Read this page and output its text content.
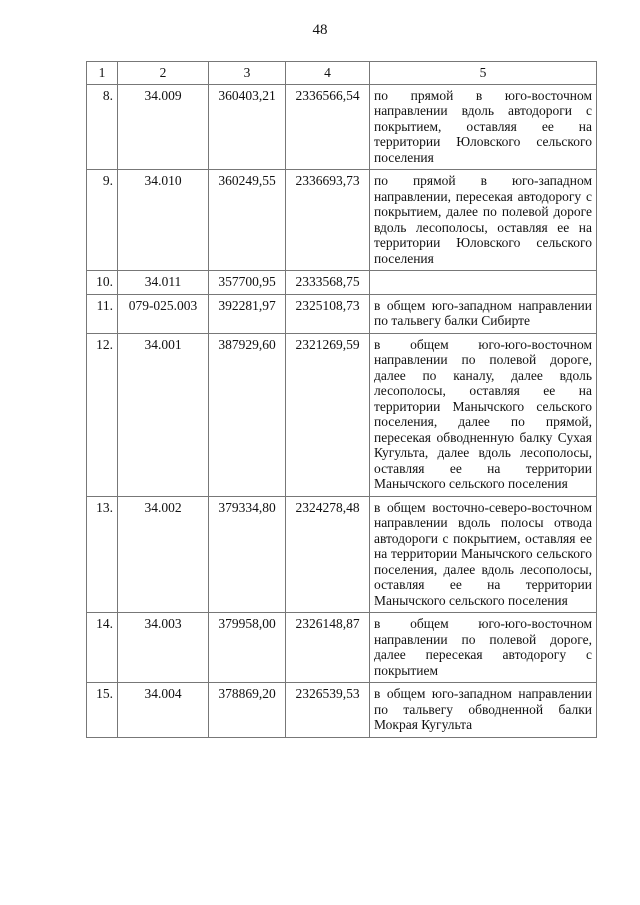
48
1	2	3	4	5
8.	34.009	360403,21	2336566,54	по прямой в юго-восточном направлении вдоль автодороги с покрытием, оставляя ее на территории Юловского сельского поселения
9.	34.010	360249,55	2336693,73	по прямой в юго-западном направлении, пересекая автодорогу с покрытием, далее по полевой дороге вдоль лесополосы, оставляя ее на территории Юловского сельского поселения
10.	34.011	357700,95	2333568,75	
11.	079-025.003	392281,97	2325108,73	в общем юго-западном направлении по тальвегу балки Сибирте
12.	34.001	387929,60	2321269,59	в общем юго-юго-восточном направлении по полевой дороге, далее по каналу, далее вдоль лесополосы, оставляя ее на территории Манычского сельского поселения, далее по прямой, пересекая обводненную балку Сухая Кугульта, далее вдоль лесополосы, оставляя ее на территории Манычского сельского поселения
13.	34.002	379334,80	2324278,48	в общем восточно-северо-восточном направлении вдоль полосы отвода автодороги с покрытием, оставляя ее на территории Манычского сельского поселения, далее вдоль лесополосы, оставляя ее на территории Манычского сельского поселения
14.	34.003	379958,00	2326148,87	в общем юго-юго-восточном направлении по полевой дороге, далее пересекая автодорогу с покрытием
15.	34.004	378869,20	2326539,53	в общем юго-западном направлении по тальвегу обводненной балки Мокрая Кугульта
